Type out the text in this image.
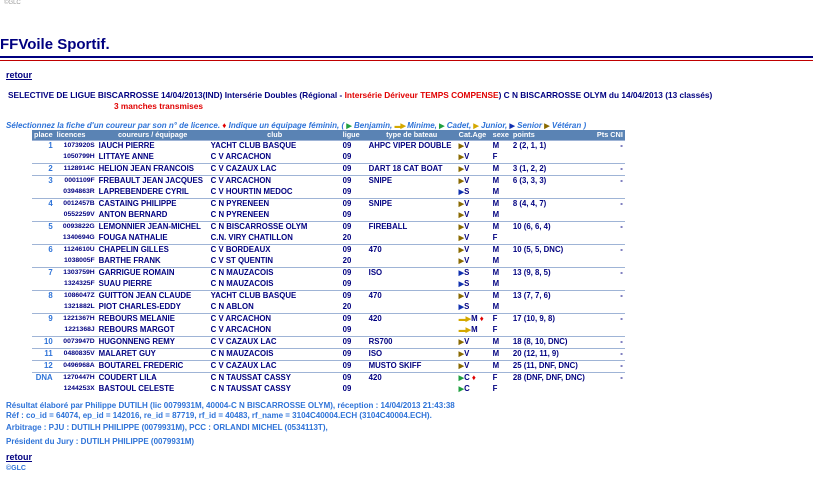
©GLC
FFVoile Sportif.
retour
SELECTIVE DE LIGUE BISCARROSSE 14/04/2013(IND) Intersérie Doubles (Régional - Intersérie Dériveur TEMPS COMPENSE) C N BISCARROSSE OLYM du 14/04/2013 (13 classés)
3 manches transmises
Sélectionnez la fiche d'un coureur par son n° de licence. ♦ Indique un équipage féminin, ( ▶ Benjamin, ▬▶ Minime, ▶ Cadet, ▶ Junior, ▶ Senior ▶ Vétéran )
place	licences	coureurs / équipage	club	ligue	type de bateau	Cat.Age	sexe	points	Pts CNI
1	1073920S	IAUCH PIERRE	YACHT CLUB BASQUE	09	AHPC VIPER DOUBLE	▶V	M	2 (2, 1, 1)	-
	1050799H	LITTAYE ANNE	C V ARCACHON	09		▶V	F		
2	1128914C	HELION JEAN FRANCOIS	C V CAZAUX LAC	09	DART 18 CAT BOAT	▶V	M	3 (1, 2, 2)	-
3	0001109F	FREBAULT JEAN JACQUES	C V ARCACHON	09	SNIPE	▶V	M	6 (3, 3, 3)	-
	0394863R	LAPREBENDERE CYRIL	C V HOURTIN MEDOC	09		▶S	M		
4	0012457B	CASTAING PHILIPPE	C N PYRENEEN	09	SNIPE	▶V	M	8 (4, 4, 7)	-
	0552259V	ANTON BERNARD	C N PYRENEEN	09		▶V	M		
5	0093822G	LEMONNIER JEAN-MICHEL	C N BISCARROSSE OLYM	09	FIREBALL	▶V	M	10 (6, 6, 4)	-
	1340694G	FOUGA NATHALIE	C.N. VIRY CHATILLON	20		▶V	F		
6	1124610U	CHAPELIN GILLES	C V BORDEAUX	09	470	▶V	M	10 (5, 5, DNC)	-
	1038005F	BARTHE FRANK	C V ST QUENTIN	20		▶V	M		
7	1303759H	GARRIGUE ROMAIN	C N MAUZACOIS	09	ISO	▶S	M	13 (9, 8, 5)	-
	1324325F	SUAU PIERRE	C N MAUZACOIS	09		▶S	M		
8	1086047Z	GUITTON JEAN CLAUDE	YACHT CLUB BASQUE	09	470	▶V	M	13 (7, 7, 6)	-
	1321882L	PIOT CHARLES-EDDY	C N ABLON	20		▶S	M		
9	1221367H	REBOURS MELANIE	C V ARCACHON	09	420	▬▶M ♦	F	17 (10, 9, 8)	-
	1221368J	REBOURS MARGOT	C V ARCACHON	09		▬▶M	F		
10	0073947D	HUGONNENG REMY	C V CAZAUX LAC	09	RS700	▶V	M	18 (8, 10, DNC)	-
11	0480835V	MALARET GUY	C N MAUZACOIS	09	ISO	▶V	M	20 (12, 11, 9)	-
12	0496968A	BOUTAREL FREDERIC	C V CAZAUX LAC	09	MUSTO SKIFF	▶V	M	25 (11, DNF, DNC)	-
DNA	1270447H	COUDERT LILA	C N TAUSSAT CASSY	09	420	▶C ♦	F	28 (DNF, DNF, DNC)	-
	1244253X	BASTOUL CELESTE	C N TAUSSAT CASSY	09		▶C	F		
Résultat élaboré par Philippe DUTILH (lic 0079931M, 40004-C N BISCARROSSE OLYM), réception : 14/04/2013 21:43:38
Réf : co_id = 64074, ep_id = 142016, re_id = 87719, rf_id = 40483, rf_name = 3104C40004.ECH (3104C40004.ECH).
Arbitrage : PJU : DUTILH PHILIPPE (0079931M), PCC : ORLANDI MICHEL (0534113T),
Président du Jury : DUTILH PHILIPPE (0079931M)
retour
©GLC
